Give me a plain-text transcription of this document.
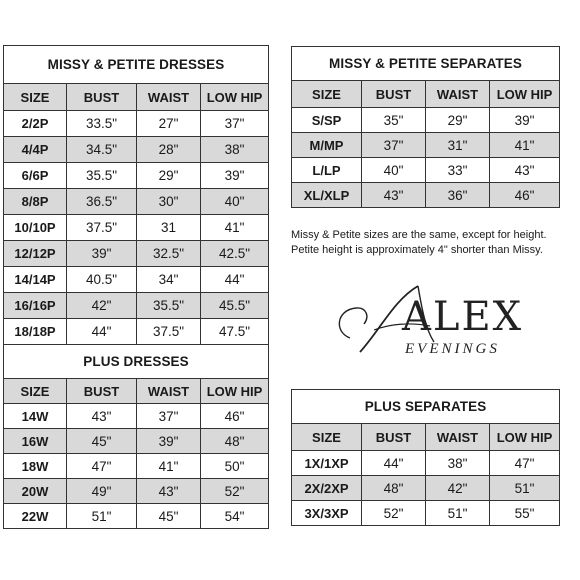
MISSY & PETITE DRESSES			
SIZE	BUST	WAIST	LOW HIP
2/2P	33.5"	27"	37"
4/4P	34.5"	28"	38"
6/6P	35.5"	29"	39"
8/8P	36.5"	30"	40"
10/10P	37.5"	31	41"
12/12P	39"	32.5"	42.5"
14/14P	40.5"	34"	44"
16/16P	42"	35.5"	45.5"
18/18P	44"	37.5"	47.5"
MISSY & PETITE SEPARATES			
SIZE	BUST	WAIST	LOW HIP
S/SP	35"	29"	39"
M/MP	37"	31"	41"
L/LP	40"	33"	43"
XL/XLP	43"	36"	46"
Missy & Petite sizes are the same, except for height.
Petite height is approximately 4" shorter than Missy.
ALEX
EVENINGS
PLUS DRESSES			
SIZE	BUST	WAIST	LOW HIP
14W	43"	37"	46"
16W	45"	39"	48"
18W	47"	41"	50"
20W	49"	43"	52"
22W	51"	45"	54"
PLUS SEPARATES			
SIZE	BUST	WAIST	LOW HIP
1X/1XP	44"	38"	47"
2X/2XP	48"	42"	51"
3X/3XP	52"	51"	55"
